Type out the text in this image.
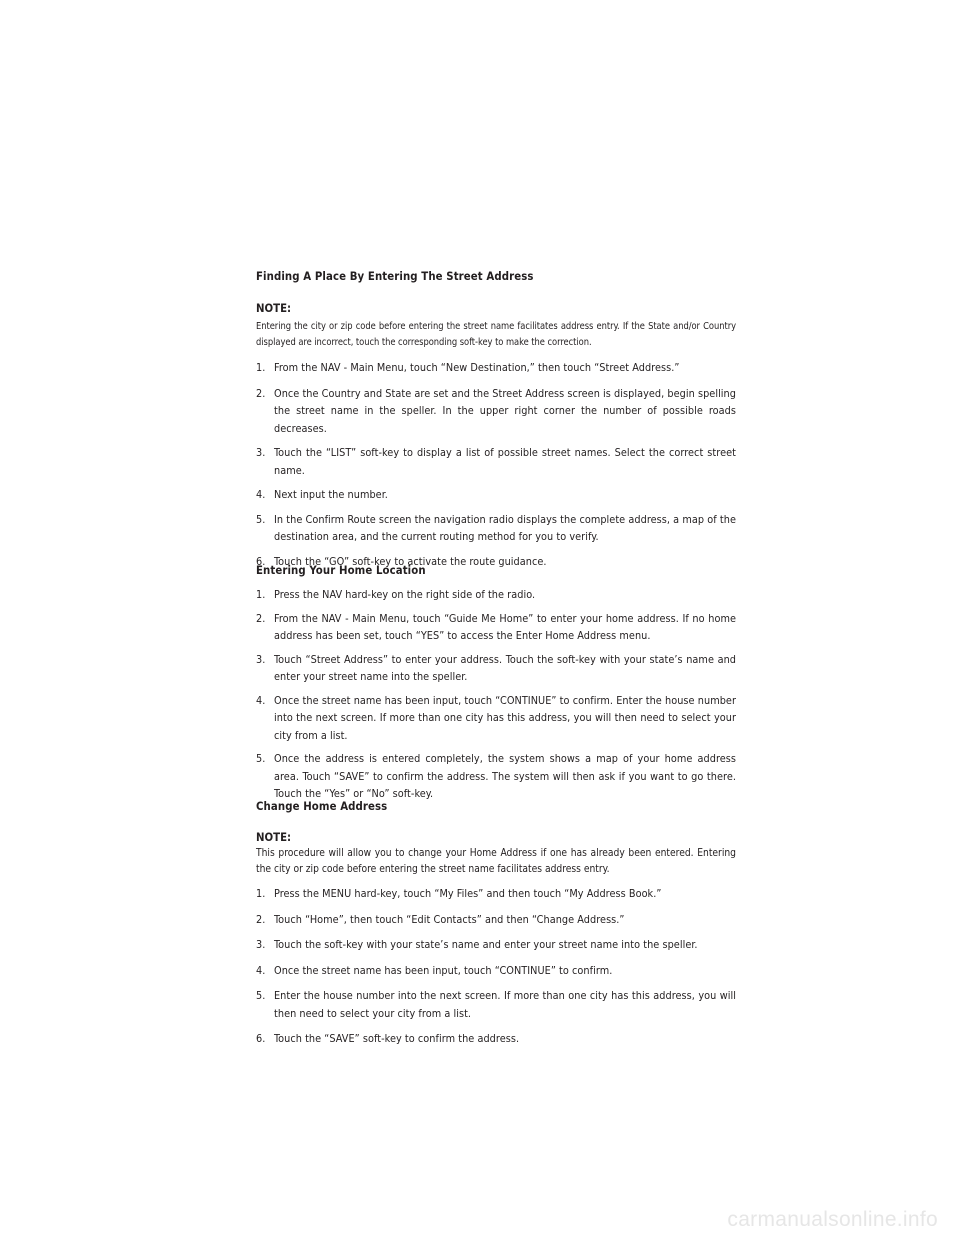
Finding A Place By Entering The Street Address

NOTE:

Entering the city or zip code before entering the street name facilitates address entry. If the State and/or Country displayed are incorrect, touch the corresponding soft-key to make the correction.

1. From the NAV - Main Menu, touch “New Destination,” then touch “Street Address.”
2. Once the Country and State are set and the Street Address screen is displayed, begin spelling the street name in the speller. In the upper right corner the number of possible roads decreases.
3. Touch the “LIST” soft-key to display a list of possible street names. Select the correct street name.
4. Next input the number.
5. In the Confirm Route screen the navigation radio displays the complete address, a map of the destination area, and the current routing method for you to verify.
6. Touch the “GO” soft-key to activate the route guidance.

Entering Your Home Location

1. Press the NAV hard-key on the right side of the radio.
2. From the NAV - Main Menu, touch “Guide Me Home” to enter your home address. If no home address has been set, touch “YES” to access the Enter Home Address menu.
3. Touch “Street Address” to enter your address. Touch the soft-key with your state’s name and enter your street name into the speller.
4. Once the street name has been input, touch “CONTINUE” to confirm. Enter the house number into the next screen. If more than one city has this address, you will then need to select your city from a list.
5. Once the address is entered completely, the system shows a map of your home address area. Touch “SAVE” to confirm the address. The system will then ask if you want to go there. Touch the “Yes” or “No” soft-key.

Change Home Address

NOTE:

This procedure will allow you to change your Home Address if one has already been entered. Entering the city or zip code before entering the street name facilitates address entry.

1. Press the MENU hard-key, touch “My Files” and then touch “My Address Book.”
2. Touch “Home”, then touch “Edit Contacts” and then “Change Address.”
3. Touch the soft-key with your state’s name and enter your street name into the speller.
4. Once the street name has been input, touch “CONTINUE” to confirm.
5. Enter the house number into the next screen. If more than one city has this address, you will then need to select your city from a list.
6. Touch the “SAVE” soft-key to confirm the address.
carmanualsonline.info
